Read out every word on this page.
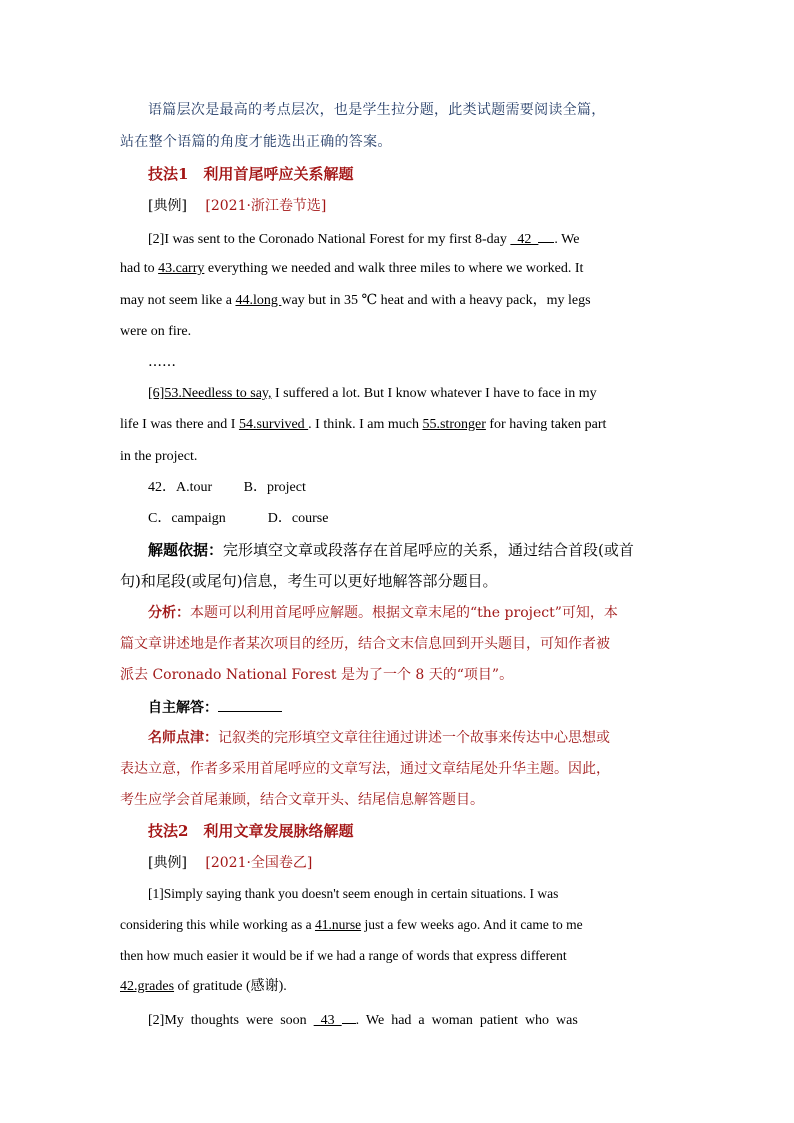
语篇层次是最高的考点层次，也是学生拉分题，此类试题需要阅读全篇，
站在整个语篇的角度才能选出正确的答案。
技法1　利用首尾呼应关系解题
[典例]　 [2021·浙江卷节选]
[2]I was sent to the Coronado National Forest for my first 8-day   42  . We
had to 43.carry everything we needed and walk three miles to where we worked. It
may not seem like a 44.long way but in 35 ℃ heat and with a heavy pack，my legs
were on fire.
……
[6]53.Needless to say, I suffered a lot. But I know whatever I have to face in my
life I was there and I 54.survived . I think. I am much 55.stronger for having taken part
in the project.
42．A.tour　　 B．project
C．campaign　　　D．course
解题依据：完形填空文章或段落存在首尾呼应的关系，通过结合首段(或首
句)和尾段(或尾句)信息，考生可以更好地解答部分题目。
分析：本题可以利用首尾呼应解题。根据文章末尾的“the project”可知，本
篇文章讲述地是作者某次项目的经历，结合文末信息回到开头题目，可知作者被
派去 Coronado National Forest 是为了一个 8 天的“项目”。
自主解答：
名师点津：记叙类的完形填空文章往往通过讲述一个故事来传达中心思想或
表达立意，作者多采用首尾呼应的文章写法，通过文章结尾处升华主题。因此，
考生应学会首尾兼顾，结合文章开头、结尾信息解答题目。
技法2　利用文章发展脉络解题
[典例]　 [2021·全国卷乙]
[1]Simply saying thank you doesn't seem enough in certain situations. I was
considering this while working as a 41.nurse just a few weeks ago. And it came to me
then how much easier it would be if we had a range of words that express different
42.grades of gratitude (感谢).
[2]My  thoughts  were  soon    43  .  We  had  a  woman  patient  who  was
